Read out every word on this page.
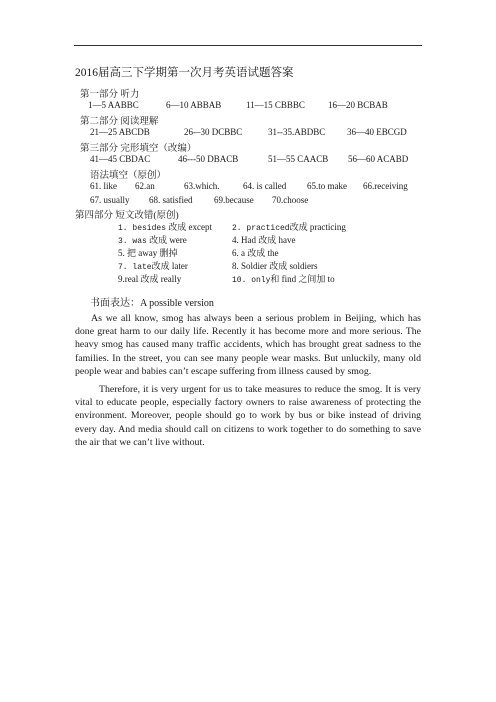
2016届高三下学期第一次月考英语试题答案
第一部分 听力
1—5 AABBC	6—10 ABBAB	11—15 CBBBC	16—20 BCBAB
第二部分 阅读理解
21—25 ABCDB	26-–30 DCBBC	31--35.ABDBC 36—40 EBCGD
第三部分 完形填空（改编）
41—45 CBDAC	46---50 DBACB	51—55 CAACB 56—60 ACABD
语法填空（原创）
61. like 62.an	63.which.	64. is called 65.to make 66.receiving
67. usually 68. satisfied 69.because 70.choose
第四部分 短文改错(原创)
1. besides 改成 except 2. practiced改成 practicing
3. was 改成 were	4. Had 改成 have
5. 把 away 删掉	6. a 改成 the
7. late改成 later	8. Soldier 改成 soldiers
9.real 改成 really	10. only和 find 之间加 to
书面表达：A possible version

As we all know, smog has always been a serious problem in Beijing, which has done great harm to our daily life. Recently it has become more and more serious. The heavy smog has caused many traffic accidents, which has brought great sadness to the families. In the street, you can see many people wear masks. But unluckily, many old people wear and babies can’t escape suffering from illness caused by smog.

Therefore, it is very urgent for us to take measures to reduce the smog. It is very vital to educate people, especially factory owners to raise awareness of protecting the environment. Moreover, people should go to work by bus or bike instead of driving every day. And media should call on citizens to work together to do something to save the air that we can’t live without.
